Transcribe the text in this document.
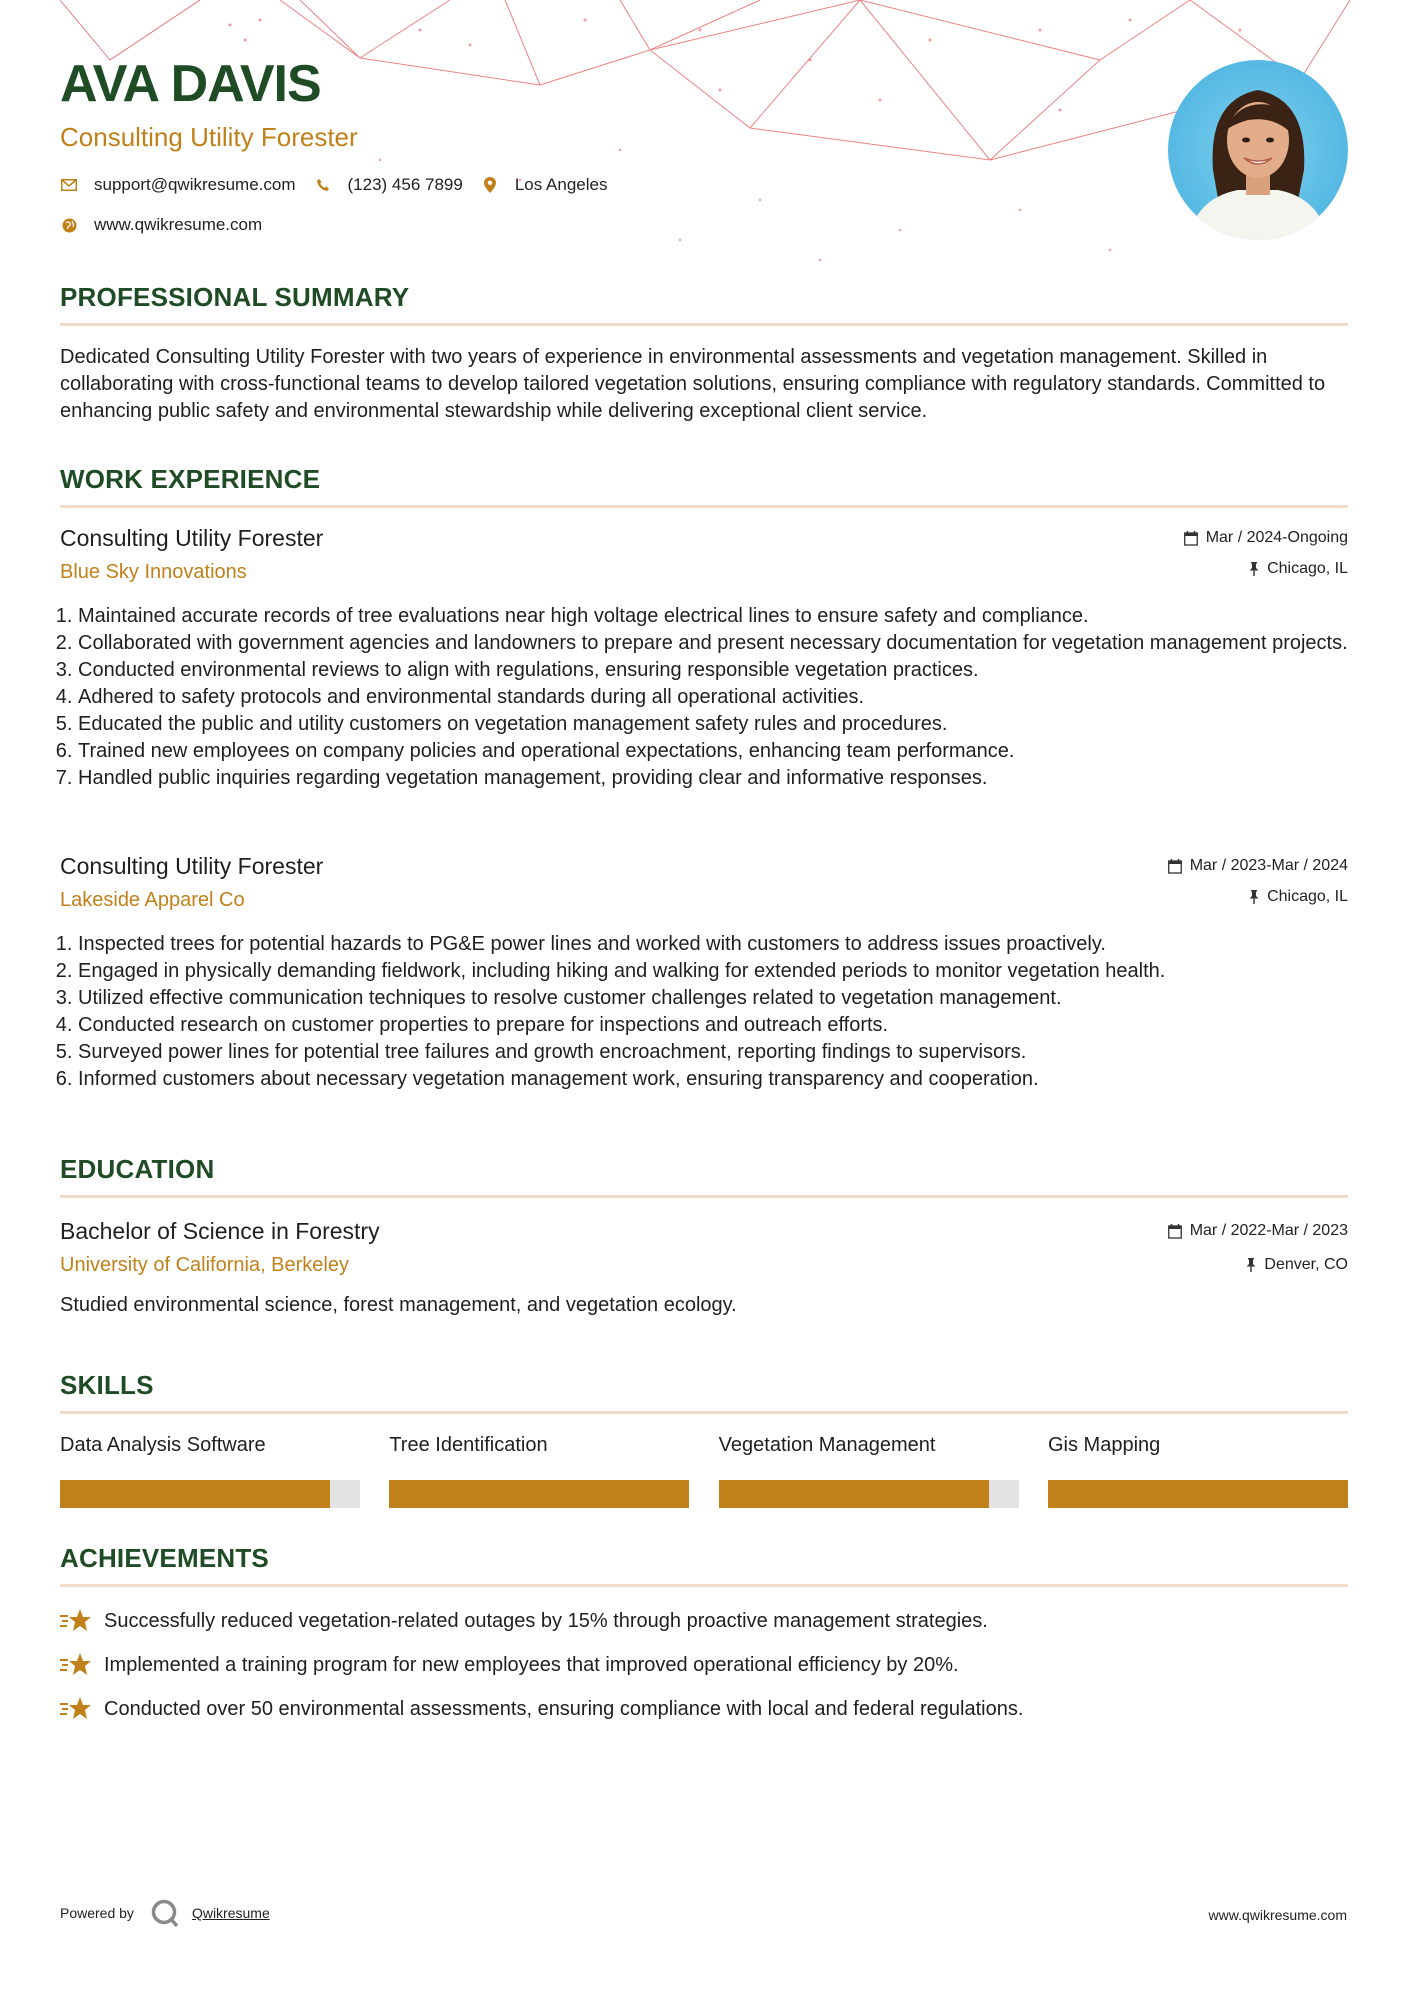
AVA DAVIS
Consulting Utility Forester
support@qwikresume.com	(123) 456 7899	Los Angeles
www.qwikresume.com
PROFESSIONAL SUMMARY
Dedicated Consulting Utility Forester with two years of experience in environmental assessments and vegetation management. Skilled in collaborating with cross-functional teams to develop tailored vegetation solutions, ensuring compliance with regulatory standards. Committed to enhancing public safety and environmental stewardship while delivering exceptional client service.
WORK EXPERIENCE
Consulting Utility Forester
Blue Sky Innovations
Mar / 2024-Ongoing
Chicago, IL
1. Maintained accurate records of tree evaluations near high voltage electrical lines to ensure safety and compliance.
2. Collaborated with government agencies and landowners to prepare and present necessary documentation for vegetation management projects.
3. Conducted environmental reviews to align with regulations, ensuring responsible vegetation practices.
4. Adhered to safety protocols and environmental standards during all operational activities.
5. Educated the public and utility customers on vegetation management safety rules and procedures.
6. Trained new employees on company policies and operational expectations, enhancing team performance.
7. Handled public inquiries regarding vegetation management, providing clear and informative responses.
Consulting Utility Forester
Lakeside Apparel Co
Mar / 2023-Mar / 2024
Chicago, IL
1. Inspected trees for potential hazards to PG&E power lines and worked with customers to address issues proactively.
2. Engaged in physically demanding fieldwork, including hiking and walking for extended periods to monitor vegetation health.
3. Utilized effective communication techniques to resolve customer challenges related to vegetation management.
4. Conducted research on customer properties to prepare for inspections and outreach efforts.
5. Surveyed power lines for potential tree failures and growth encroachment, reporting findings to supervisors.
6. Informed customers about necessary vegetation management work, ensuring transparency and cooperation.
EDUCATION
Bachelor of Science in Forestry
University of California, Berkeley
Mar / 2022-Mar / 2023
Denver, CO
Studied environmental science, forest management, and vegetation ecology.
SKILLS
Data Analysis Software	Tree Identification	Vegetation Management	Gis Mapping
ACHIEVEMENTS
Successfully reduced vegetation-related outages by 15% through proactive management strategies.
Implemented a training program for new employees that improved operational efficiency by 20%.
Conducted over 50 environmental assessments, ensuring compliance with local and federal regulations.
Powered by	Qwikresume	www.qwikresume.com
